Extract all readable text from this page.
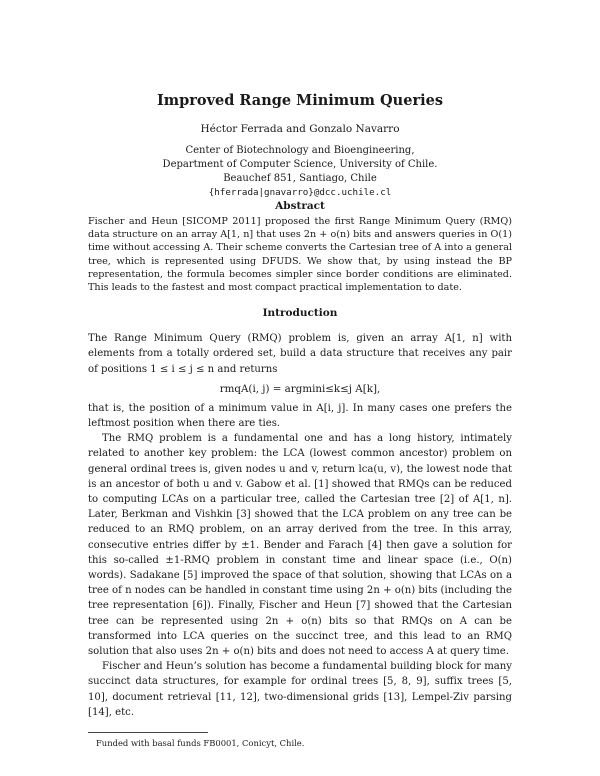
Improved Range Minimum Queries

Héctor Ferrada and Gonzalo Navarro

Center of Biotechnology and Bioengineering,

Department of Computer Science, University of Chile.

Beauchef 851, Santiago, Chile

{hferrada|gnavarro}@dcc.uchile.cl

Abstract

Fischer and Heun [SICOMP 2011] proposed the first Range Minimum Query (RMQ) data structure on an array A[1, n] that uses 2n + o(n) bits and answers queries in O(1) time without accessing A. Their scheme converts the Cartesian tree of A into a general tree, which is represented using DFUDS. We show that, by using instead the BP representation, the formula becomes simpler since border conditions are eliminated. This leads to the fastest and most compact practical implementation to date.

Introduction

The Range Minimum Query (RMQ) problem is, given an array A[1, n] with elements from a totally ordered set, build a data structure that receives any pair of positions 1 ≤ i ≤ j ≤ n and returns

rmqA(i, j) = argmini≤k≤j A[k],

that is, the position of a minimum value in A[i, j]. In many cases one prefers the leftmost position when there are ties.

The RMQ problem is a fundamental one and has a long history, intimately related to another key problem: the LCA (lowest common ancestor) problem on general ordinal trees is, given nodes u and v, return lca(u, v), the lowest node that is an ancestor of both u and v. Gabow et al. [1] showed that RMQs can be reduced to computing LCAs on a particular tree, called the Cartesian tree [2] of A[1, n]. Later, Berkman and Vishkin [3] showed that the LCA problem on any tree can be reduced to an RMQ problem, on an array derived from the tree. In this array, consecutive entries differ by ±1. Bender and Farach [4] then gave a solution for this so-called ±1-RMQ problem in constant time and linear space (i.e., O(n) words). Sadakane [5] improved the space of that solution, showing that LCAs on a tree of n nodes can be handled in constant time using 2n + o(n) bits (including the tree representation [6]). Finally, Fischer and Heun [7] showed that the Cartesian tree can be represented using 2n + o(n) bits so that RMQs on A can be transformed into LCA queries on the succinct tree, and this lead to an RMQ solution that also uses 2n + o(n) bits and does not need to access A at query time.

Fischer and Heun’s solution has become a fundamental building block for many succinct data structures, for example for ordinal trees [5, 8, 9], suffix trees [5, 10], document retrieval [11, 12], two-dimensional grids [13], Lempel-Ziv parsing [14], etc.

Funded with basal funds FB0001, Conicyt, Chile.
